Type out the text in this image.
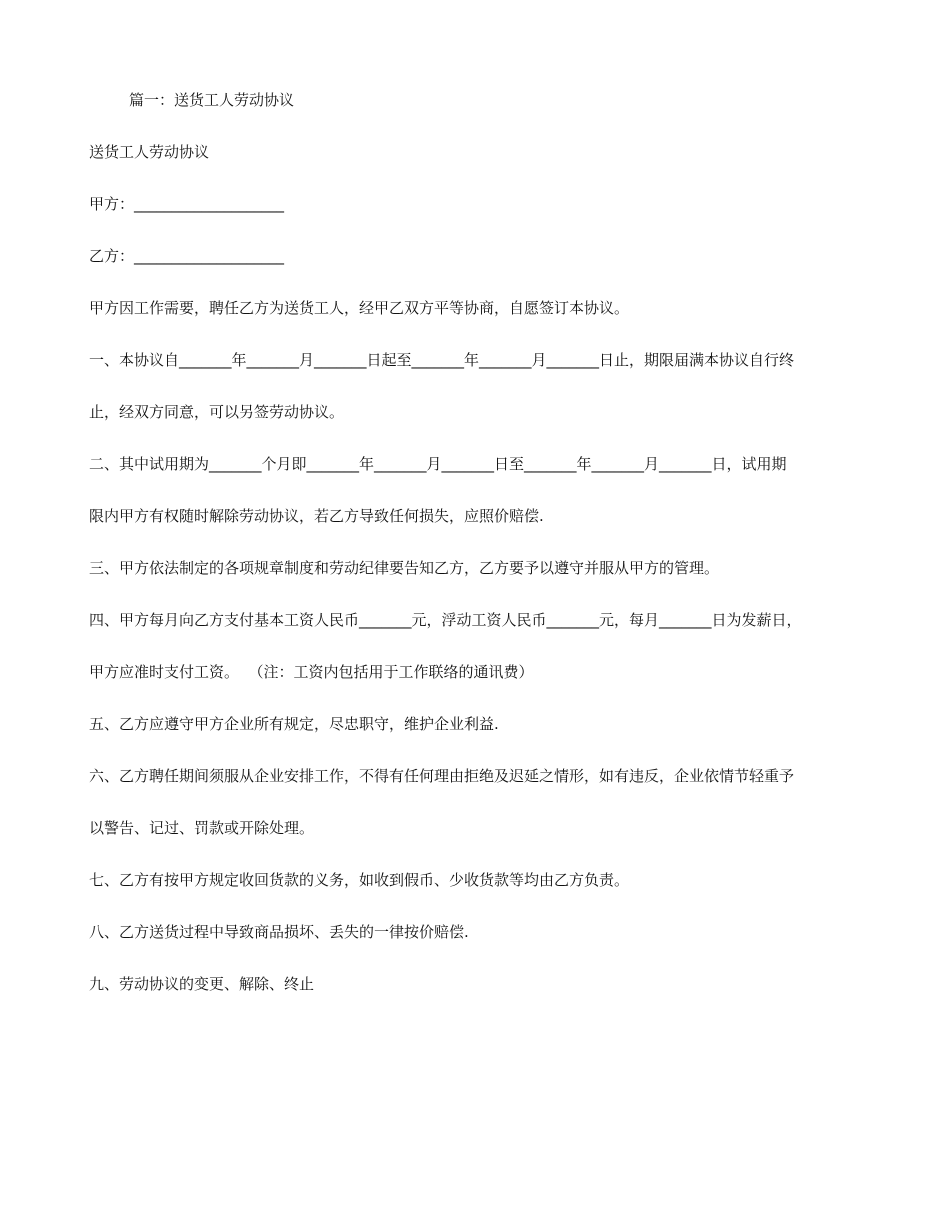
篇一：送货工人劳动协议
送货工人劳动协议
甲方：____________________
乙方：____________________
甲方因工作需要，聘任乙方为送货工人，经甲乙双方平等协商，自愿签订本协议。
一、本协议自_______年_______月_______日起至_______年_______月_______日止，期限届满本协议自行终
止，经双方同意，可以另签劳动协议。
二、其中试用期为_______个月即_______年_______月_______日至_______年_______月_______日，试用期
限内甲方有权随时解除劳动协议，若乙方导致任何损失，应照价赔偿.
三、甲方依法制定的各项规章制度和劳动纪律要告知乙方，乙方要予以遵守并服从甲方的管理。
四、甲方每月向乙方支付基本工资人民币_______元，浮动工资人民币_______元，每月_______日为发薪日，
甲方应准时支付工资。  （注：工资内包括用于工作联络的通讯费）
五、乙方应遵守甲方企业所有规定，尽忠职守，维护企业利益.
六、乙方聘任期间须服从企业安排工作，不得有任何理由拒绝及迟延之情形，如有违反，企业依情节轻重予
以警告、记过、罚款或开除处理。
七、乙方有按甲方规定收回货款的义务，如收到假币、少收货款等均由乙方负责。
八、乙方送货过程中导致商品损坏、丢失的一律按价赔偿.
九、劳动协议的变更、解除、终止
